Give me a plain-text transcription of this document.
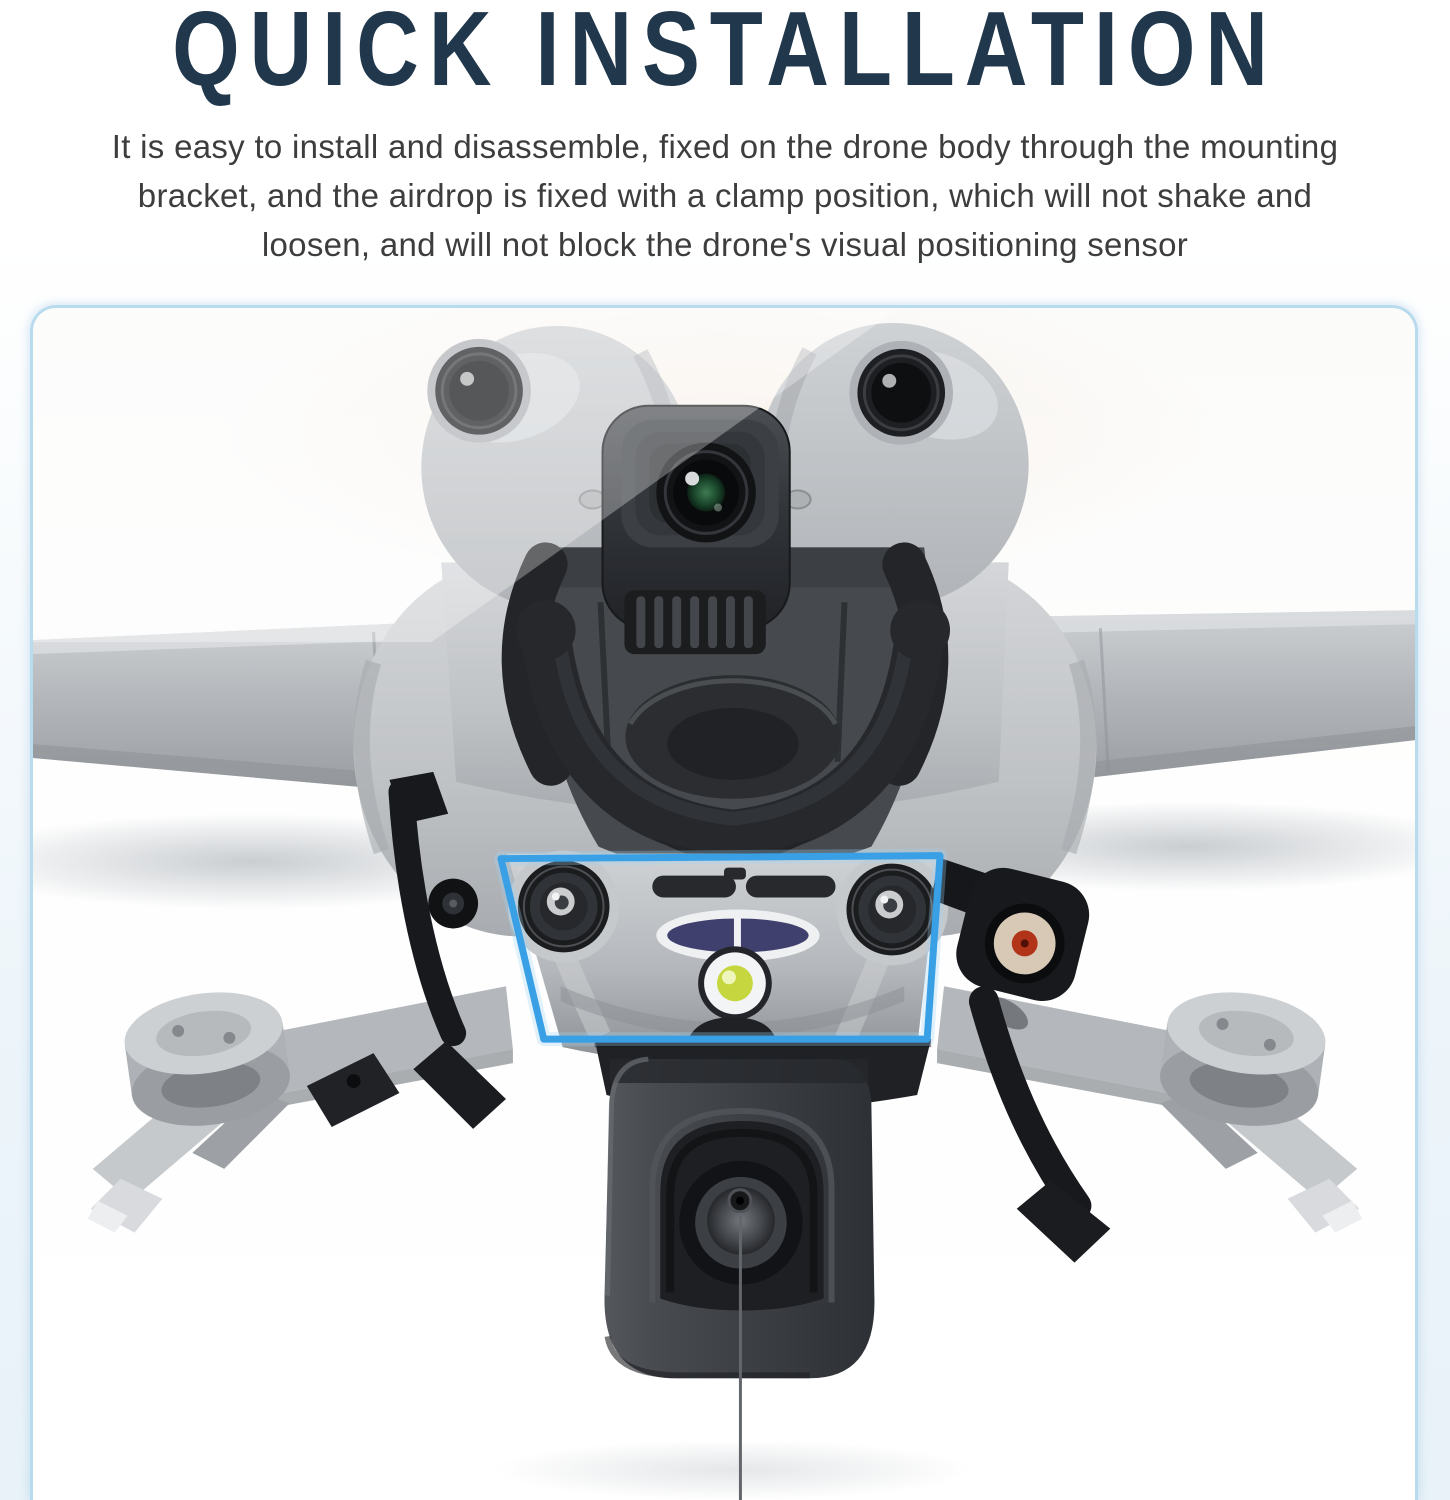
QUICK INSTALLATION
It is easy to install and disassemble, fixed on the drone body through the mounting
bracket, and the airdrop is fixed with a clamp position, which will not shake and
loosen, and will not block the drone's visual positioning sensor
